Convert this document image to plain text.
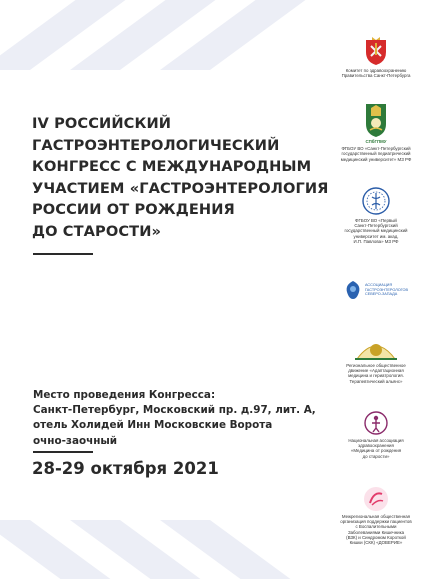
IV РОССИЙСКИЙ
ГАСТРОЭНТЕРОЛОГИЧЕСКИЙ
КОНГРЕСС С МЕЖДУНАРОДНЫМ
УЧАСТИЕМ «ГАСТРОЭНТЕРОЛОГИЯ
РОССИИ ОТ РОЖДЕНИЯ
ДО СТАРОСТИ»
Место проведения Конгресса:
Санкт-Петербург, Московский пр. д.97, лит. А,
отель Холидей Инн Московские Ворота
очно-заочный
28-29 октября 2021
Комитет по здравоохранению
Правительства Санкт-Петербурга
СПбГПМУ
ФГБОУ ВО «Санкт-Петербургский
государственный педиатрический
медицинский университет» МЗ РФ
ФГБОУ ВО «Первый
Санкт-Петербургский
государственный медицинский
университет им. акад.
И.П. Павлова» МЗ РФ
АССОЦИАЦИЯ
ГАСТРОЭНТЕРОЛОГОВ
СЕВЕРО-ЗАПАДА
Региональное общественное
движение «Адаптационная
медицина и гериатрология.
Терапевтический альянс»
Национальная ассоциация
здравоохранения
«Медицина от рождения
до старости»
Межрегиональная общественная
организация поддержки пациентов
с Воспалительными
Заболеваниями Кишечника
(ВЗК) и Синдромом Короткой
Кишки (СКК) «ДОВЕРИЕ»
